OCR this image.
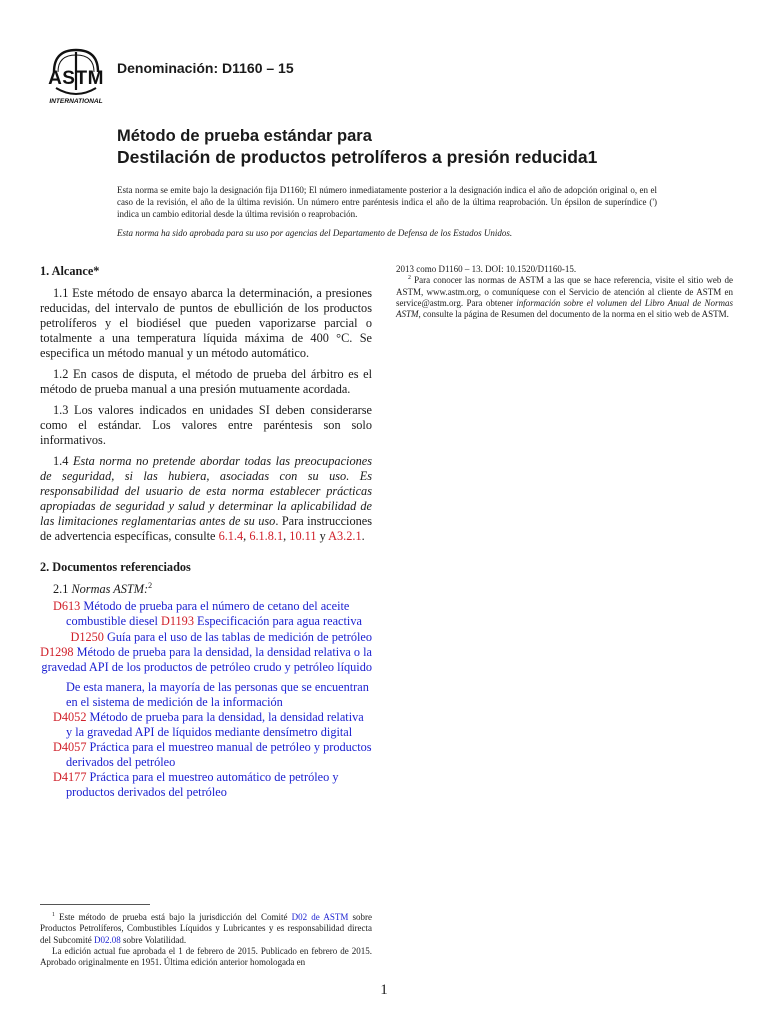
ASTM
INTERNATIONAL
Denominación: D1160 – 15
Método de prueba estándar para
Destilación de productos petrolíferos a presión reducida1
Esta norma se emite bajo la designación fija D1160; El número inmediatamente posterior a la designación indica el año de adopción original o, en el caso de la revisión, el año de la última revisión. Un número entre paréntesis indica el año de la última reaprobación. Un épsilon de superíndice (') indica un cambio editorial desde la última revisión o reaprobación.
Esta norma ha sido aprobada para su uso por agencias del Departamento de Defensa de los Estados Unidos.
1. Alcance*

1.1 Este método de ensayo abarca la determinación, a presiones reducidas, del intervalo de puntos de ebullición de los productos petrolíferos y el biodiésel que pueden vaporizarse parcial o totalmente a una temperatura líquida máxima de 400 °C. Se especifica un método manual y un método automático.

1.2 En casos de disputa, el método de prueba del árbitro es el método de prueba manual a una presión mutuamente acordada.

1.3 Los valores indicados en unidades SI deben considerarse como el estándar. Los valores entre paréntesis son solo informativos.

1.4 Esta norma no pretende abordar todas las preocupaciones de seguridad, si las hubiera, asociadas con su uso. Es responsabilidad del usuario de esta norma establecer prácticas apropiadas de seguridad y salud y determinar la aplicabilidad de las limitaciones reglamentarias antes de su uso. Para instrucciones de advertencia específicas, consulte 6.1.4, 6.1.8.1, 10.11 y A3.2.1.

2. Documentos referenciados
2.1 Normas ASTM:$^2$
D613 Método de prueba para el número de cetano del aceite combustible diesel D1193 Especificación para agua reactiva
D1250 Guía para el uso de las tablas de medición de petróleo
D1298 Método de prueba para la densidad, la densidad relativa o la gravedad API de los productos de petróleo crudo y petróleo líquido
De esta manera, la mayoría de las personas que se encuentran en el sistema de medición de la información
D4052 Método de prueba para la densidad, la densidad relativa y la gravedad API de líquidos mediante densímetro digital
D4057 Práctica para el muestreo manual de petróleo y productos derivados del petróleo
D4177 Práctica para el muestreo automático de petróleo y productos derivados del petróleo
2013 como D1160 – 13. DOI: 10.1520/D1160-15.
$^2$ Para conocer las normas de ASTM a las que se hace referencia, visite el sitio web de ASTM, www.astm.org, o comuníquese con el Servicio de atención al cliente de ASTM en service@astm.org. Para obtener información sobre el volumen del Libro Anual de Normas ASTM, consulte la página de Resumen del documento de la norma en el sitio web de ASTM.

$^1$ Este método de prueba está bajo la jurisdicción del Comité D02 de ASTM sobre Productos Petrolíferos, Combustibles Líquidos y Lubricantes y es responsabilidad directa del Subcomité D02.08 sobre Volatilidad.

La edición actual fue aprobada el 1 de febrero de 2015. Publicado en febrero de 2015. Aprobado originalmente en 1951. Última edición anterior homologada en

1
